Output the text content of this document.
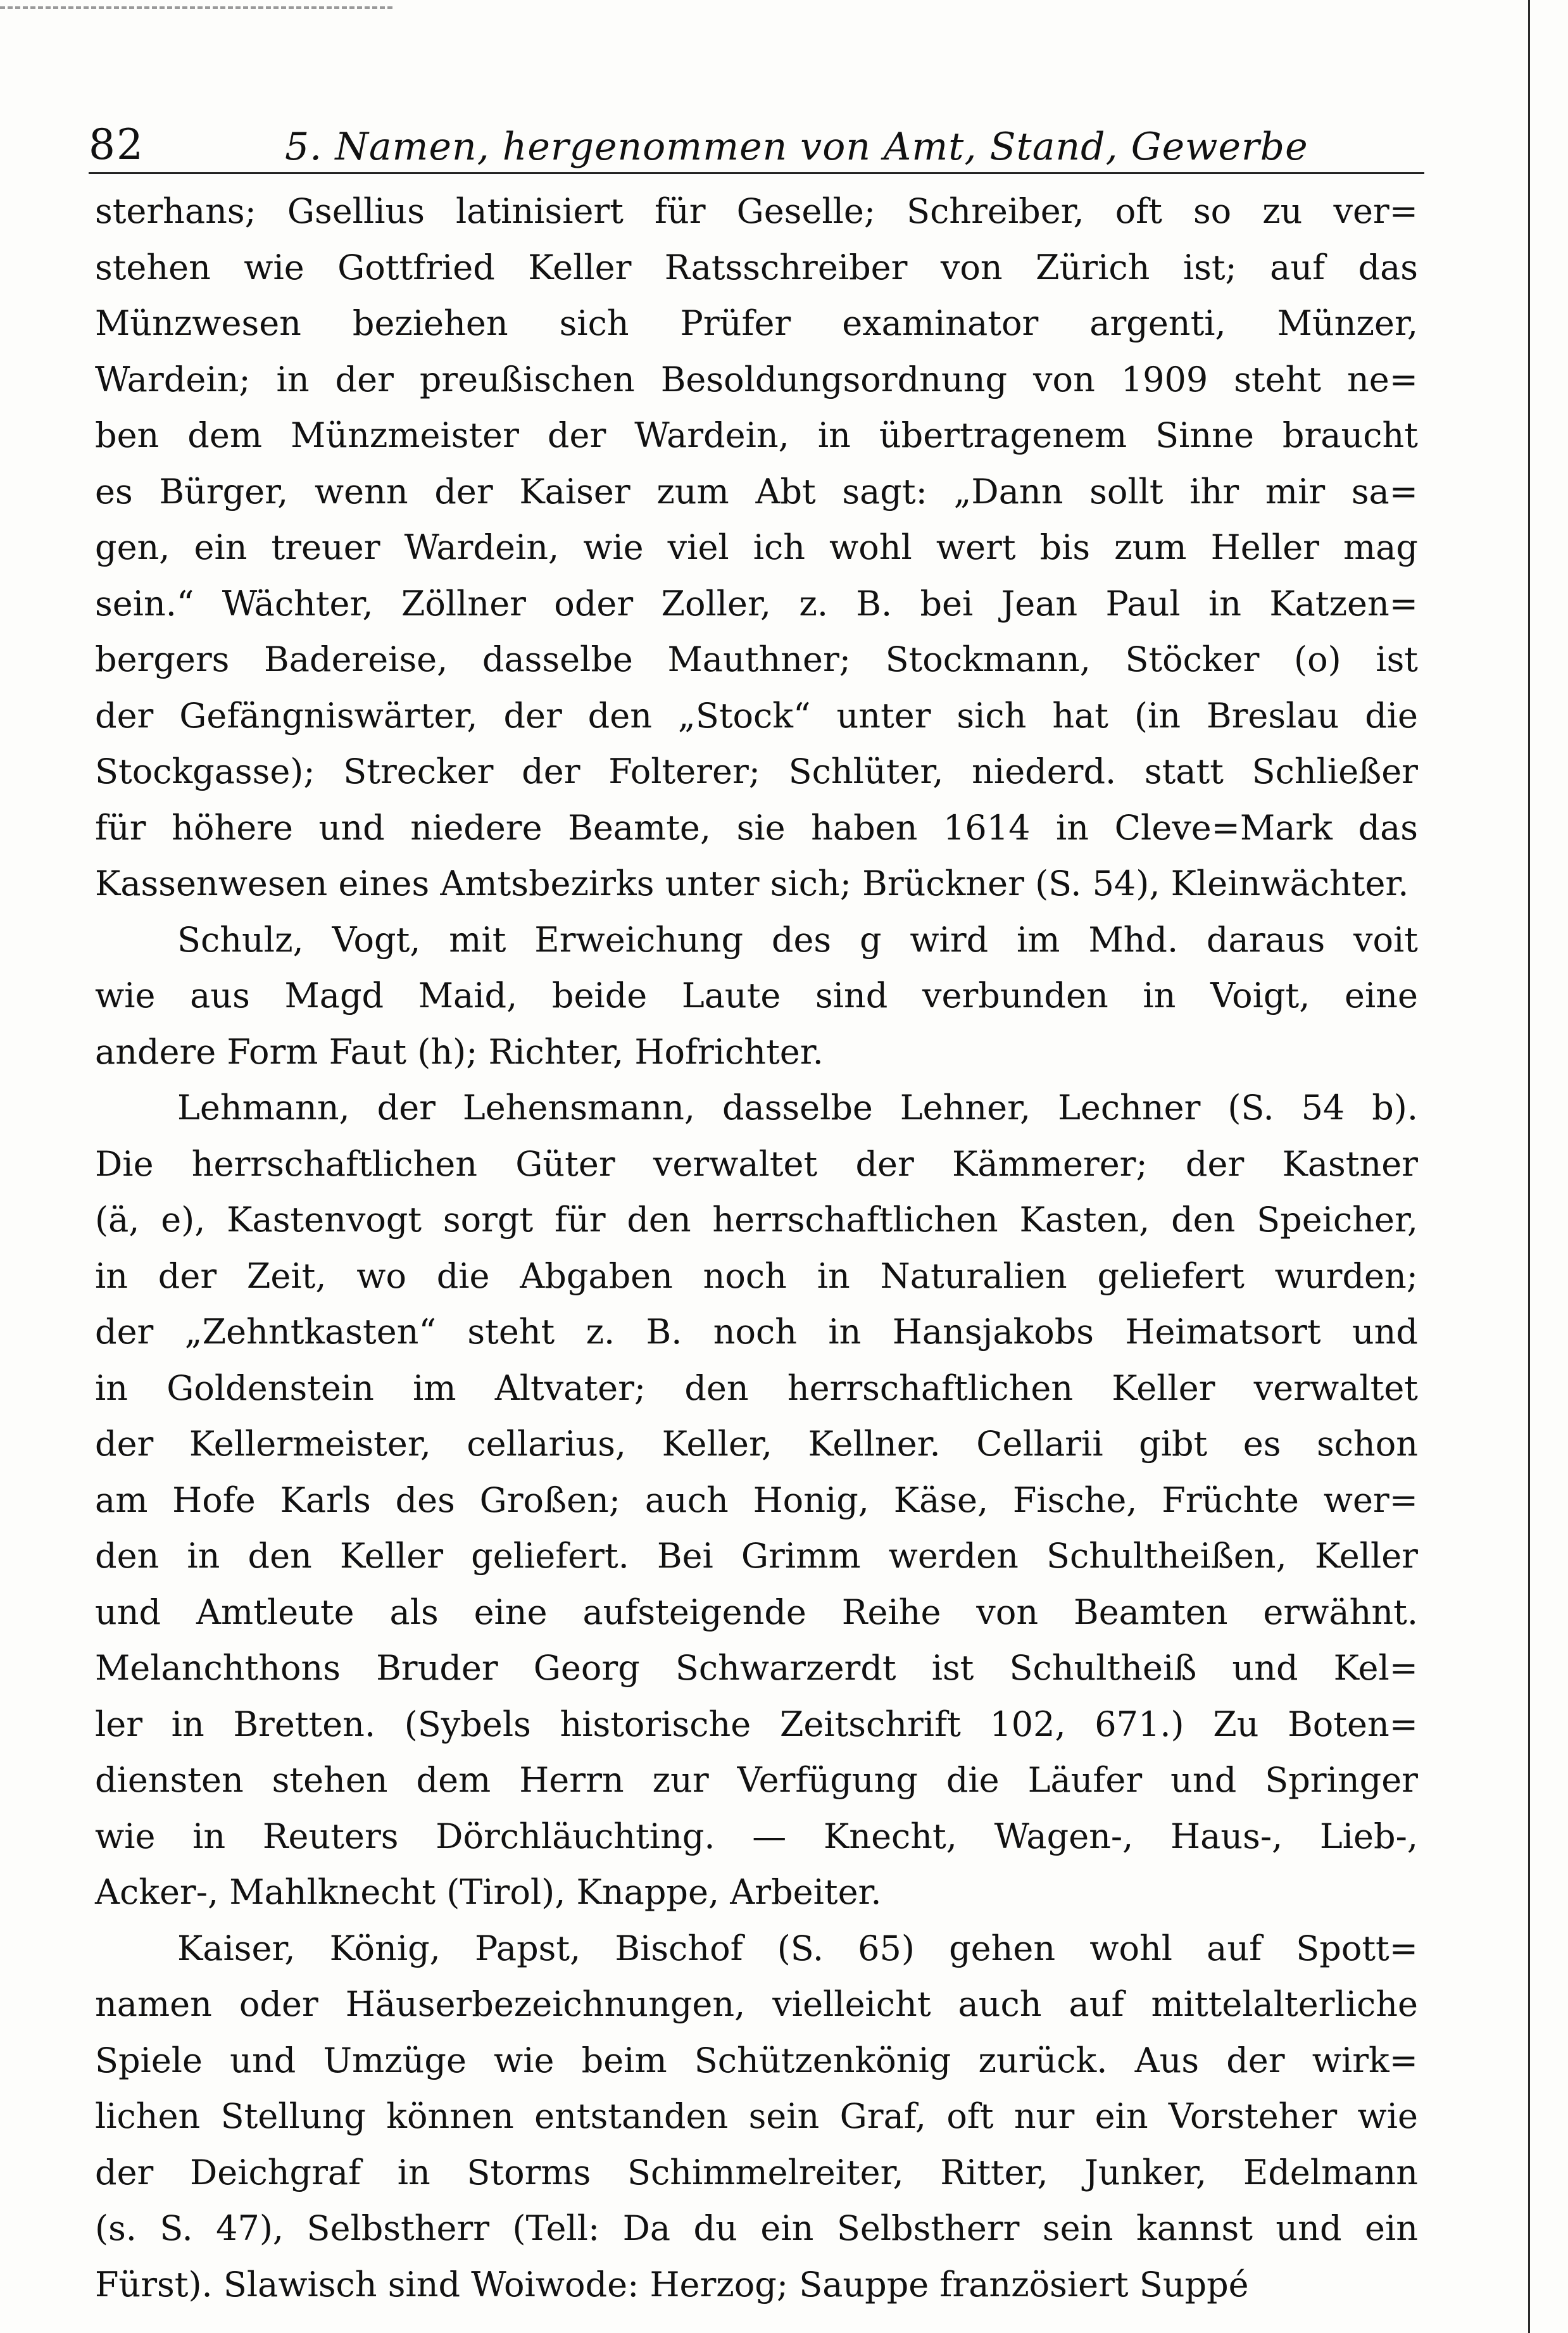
82	5. Namen, hergenommen von Amt, Stand, Gewerbe
sterhans; Gsellius latinisiert für Geselle; Schreiber, oft so zu ver=
stehen wie Gottfried Keller Ratsschreiber von Zürich ist; auf das
Münzwesen beziehen sich Prüfer examinator argenti, Münzer,
Wardein; in der preußischen Besoldungsordnung von 1909 steht ne=
ben dem Münzmeister der Wardein, in übertragenem Sinne braucht
es Bürger, wenn der Kaiser zum Abt sagt: „Dann sollt ihr mir sa=
gen, ein treuer Wardein, wie viel ich wohl wert bis zum Heller mag
sein.“ Wächter, Zöllner oder Zoller, z. B. bei Jean Paul in Katzen=
bergers Badereise, dasselbe Mauthner; Stockmann, Stöcker (o) ist
der Gefängniswärter, der den „Stock“ unter sich hat (in Breslau die
Stockgasse); Strecker der Folterer; Schlüter, niederd. statt Schließer
für höhere und niedere Beamte, sie haben 1614 in Cleve=Mark das
Kassenwesen eines Amtsbezirks unter sich; Brückner (S. 54), Kleinwächter.
Schulz, Vogt, mit Erweichung des g wird im Mhd. daraus voit
wie aus Magd Maid, beide Laute sind verbunden in Voigt, eine
andere Form Faut (h); Richter, Hofrichter.
Lehmann, der Lehensmann, dasselbe Lehner, Lechner (S. 54 b).
Die herrschaftlichen Güter verwaltet der Kämmerer; der Kastner
(ä, e), Kastenvogt sorgt für den herrschaftlichen Kasten, den Speicher,
in der Zeit, wo die Abgaben noch in Naturalien geliefert wurden;
der „Zehntkasten“ steht z. B. noch in Hansjakobs Heimatsort und
in Goldenstein im Altvater; den herrschaftlichen Keller verwaltet
der Kellermeister, cellarius, Keller, Kellner. Cellarii gibt es schon
am Hofe Karls des Großen; auch Honig, Käse, Fische, Früchte wer=
den in den Keller geliefert. Bei Grimm werden Schultheißen, Keller
und Amtleute als eine aufsteigende Reihe von Beamten erwähnt.
Melanchthons Bruder Georg Schwarzerdt ist Schultheiß und Kel=
ler in Bretten. (Sybels historische Zeitschrift 102, 671.) Zu Boten=
diensten stehen dem Herrn zur Verfügung die Läufer und Springer
wie in Reuters Dörchläuchting. — Knecht, Wagen-, Haus-, Lieb-,
Acker-, Mahlknecht (Tirol), Knappe, Arbeiter.
Kaiser, König, Papst, Bischof (S. 65) gehen wohl auf Spott=
namen oder Häuserbezeichnungen, vielleicht auch auf mittelalterliche
Spiele und Umzüge wie beim Schützenkönig zurück. Aus der wirk=
lichen Stellung können entstanden sein Graf, oft nur ein Vorsteher wie
der Deichgraf in Storms Schimmelreiter, Ritter, Junker, Edelmann
(s. S. 47), Selbstherr (Tell: Da du ein Selbstherr sein kannst und ein
Fürst). Slawisch sind Woiwode: Herzog; Sauppe französiert Suppé
